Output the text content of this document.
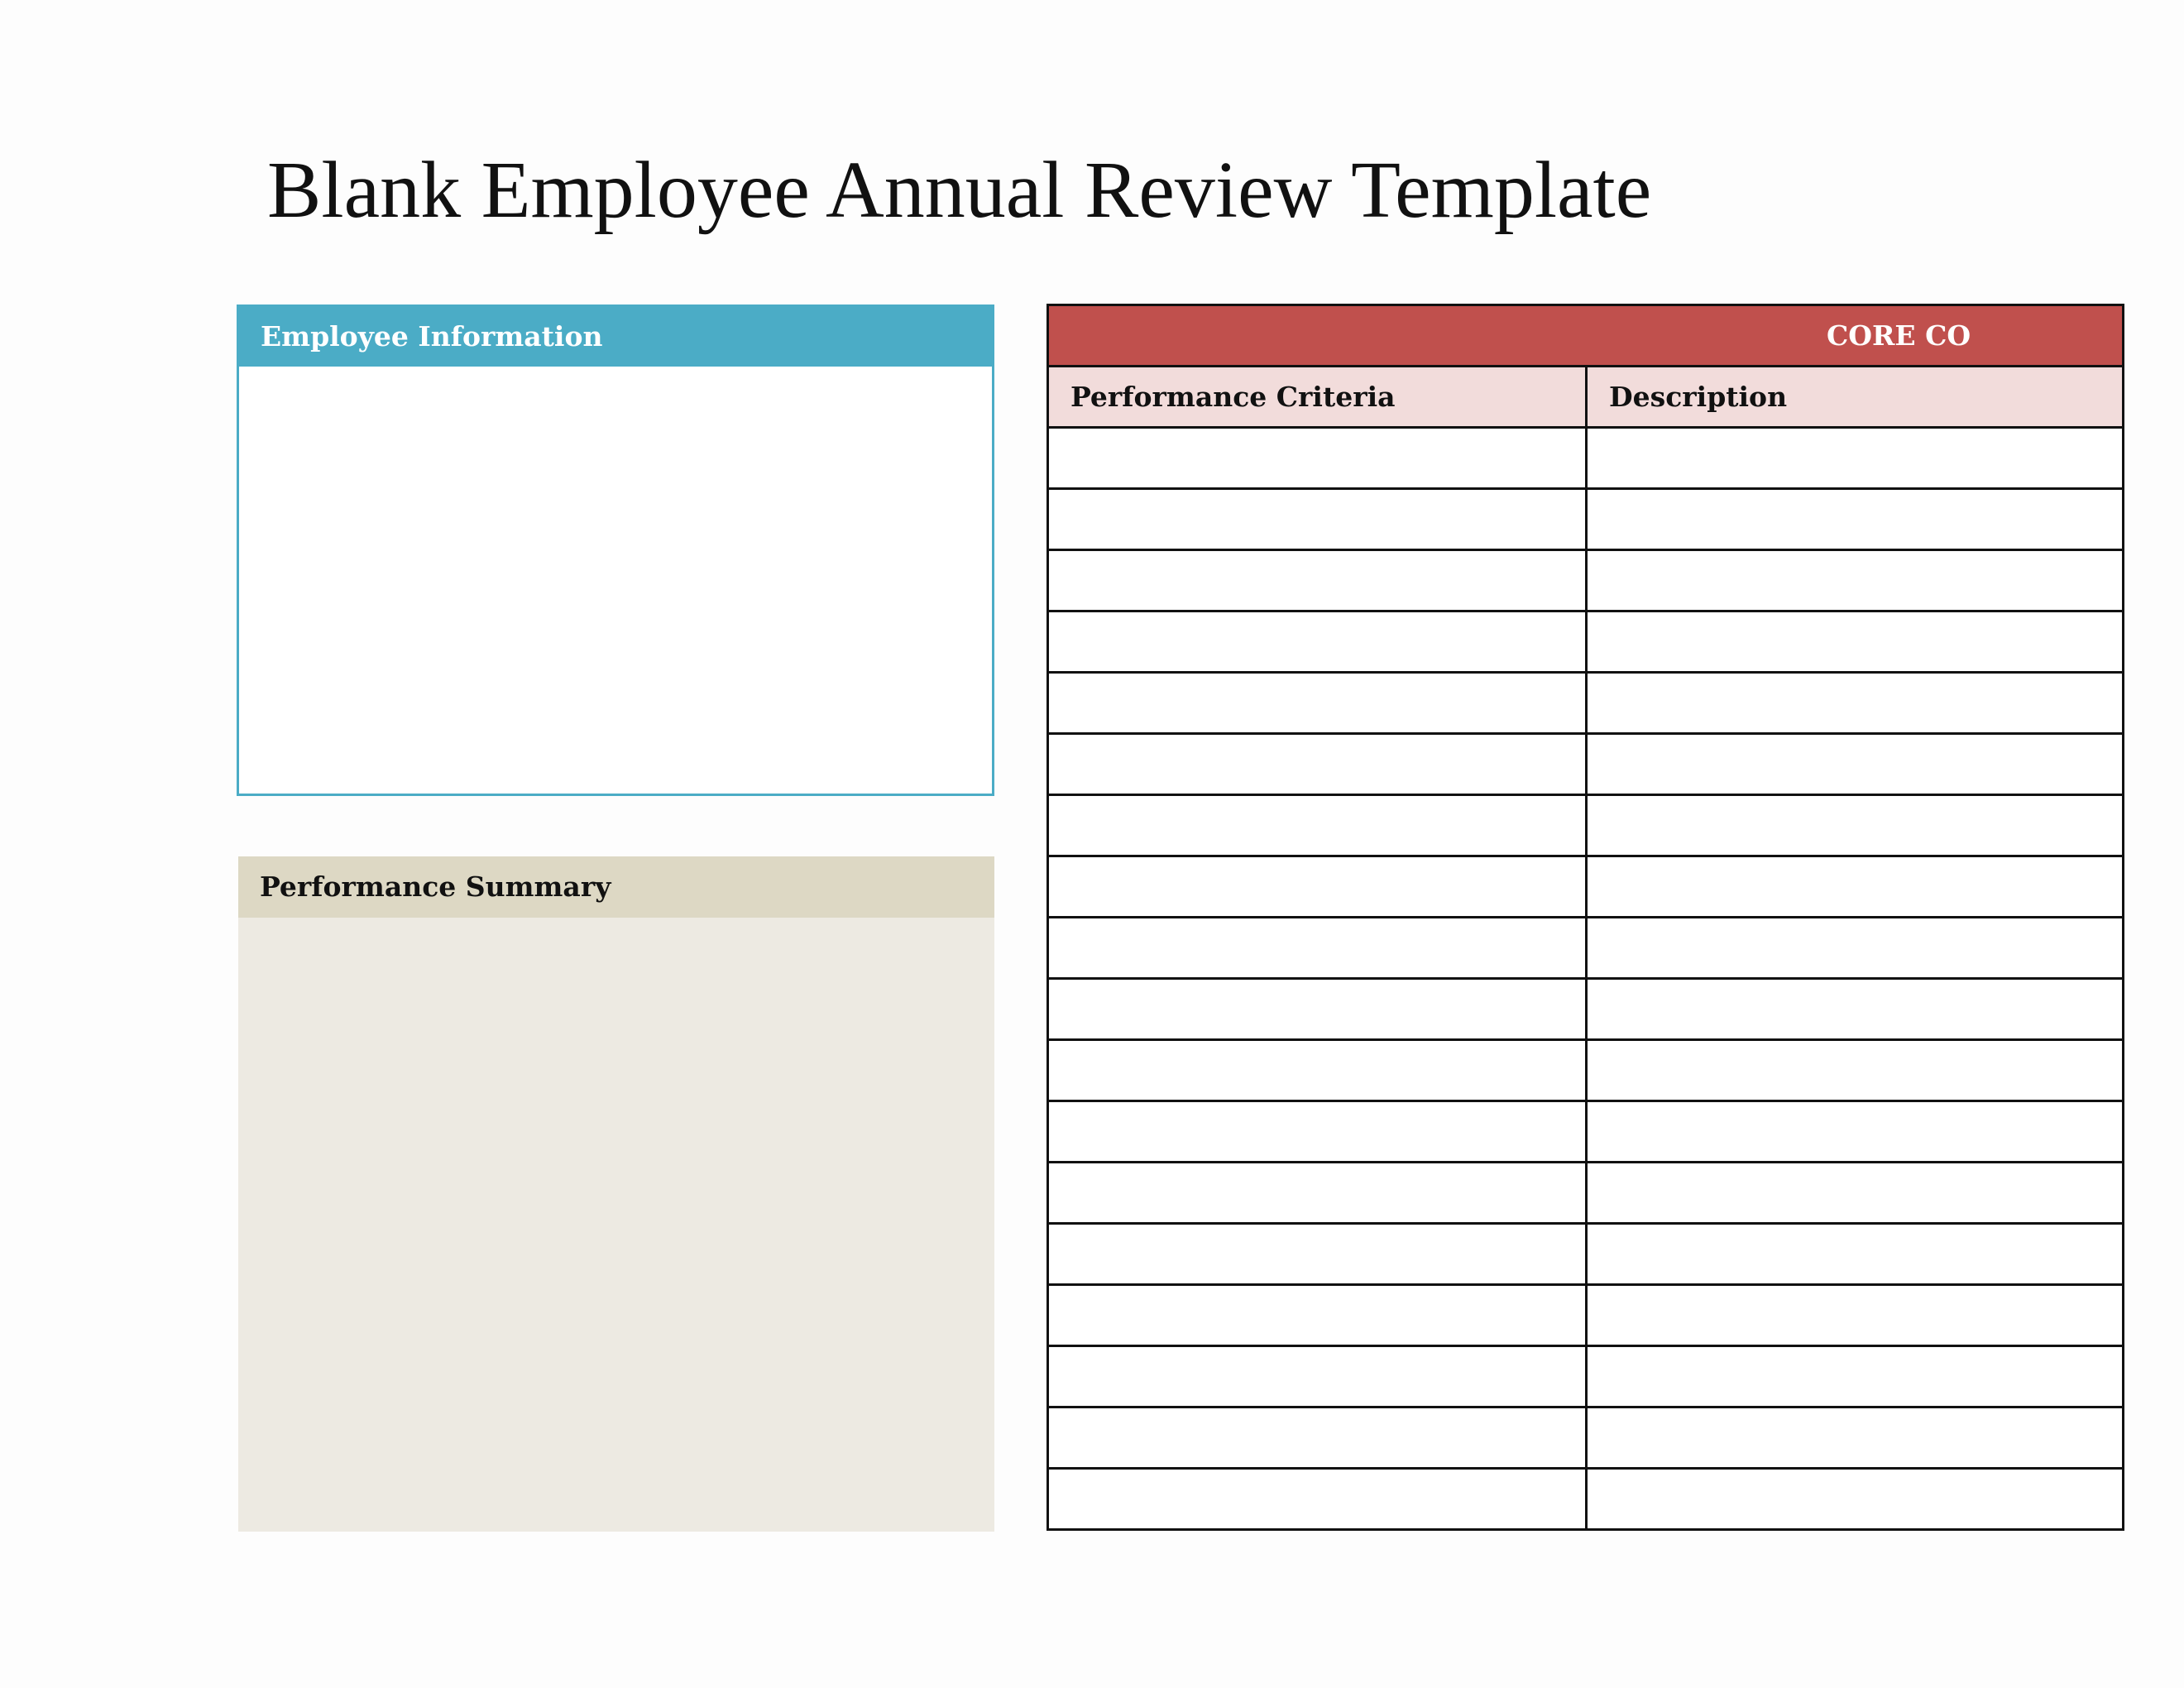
Blank Employee Annual Review Template
Employee Information
Performance Summary
CORE CO	
Performance Criteria	Description
